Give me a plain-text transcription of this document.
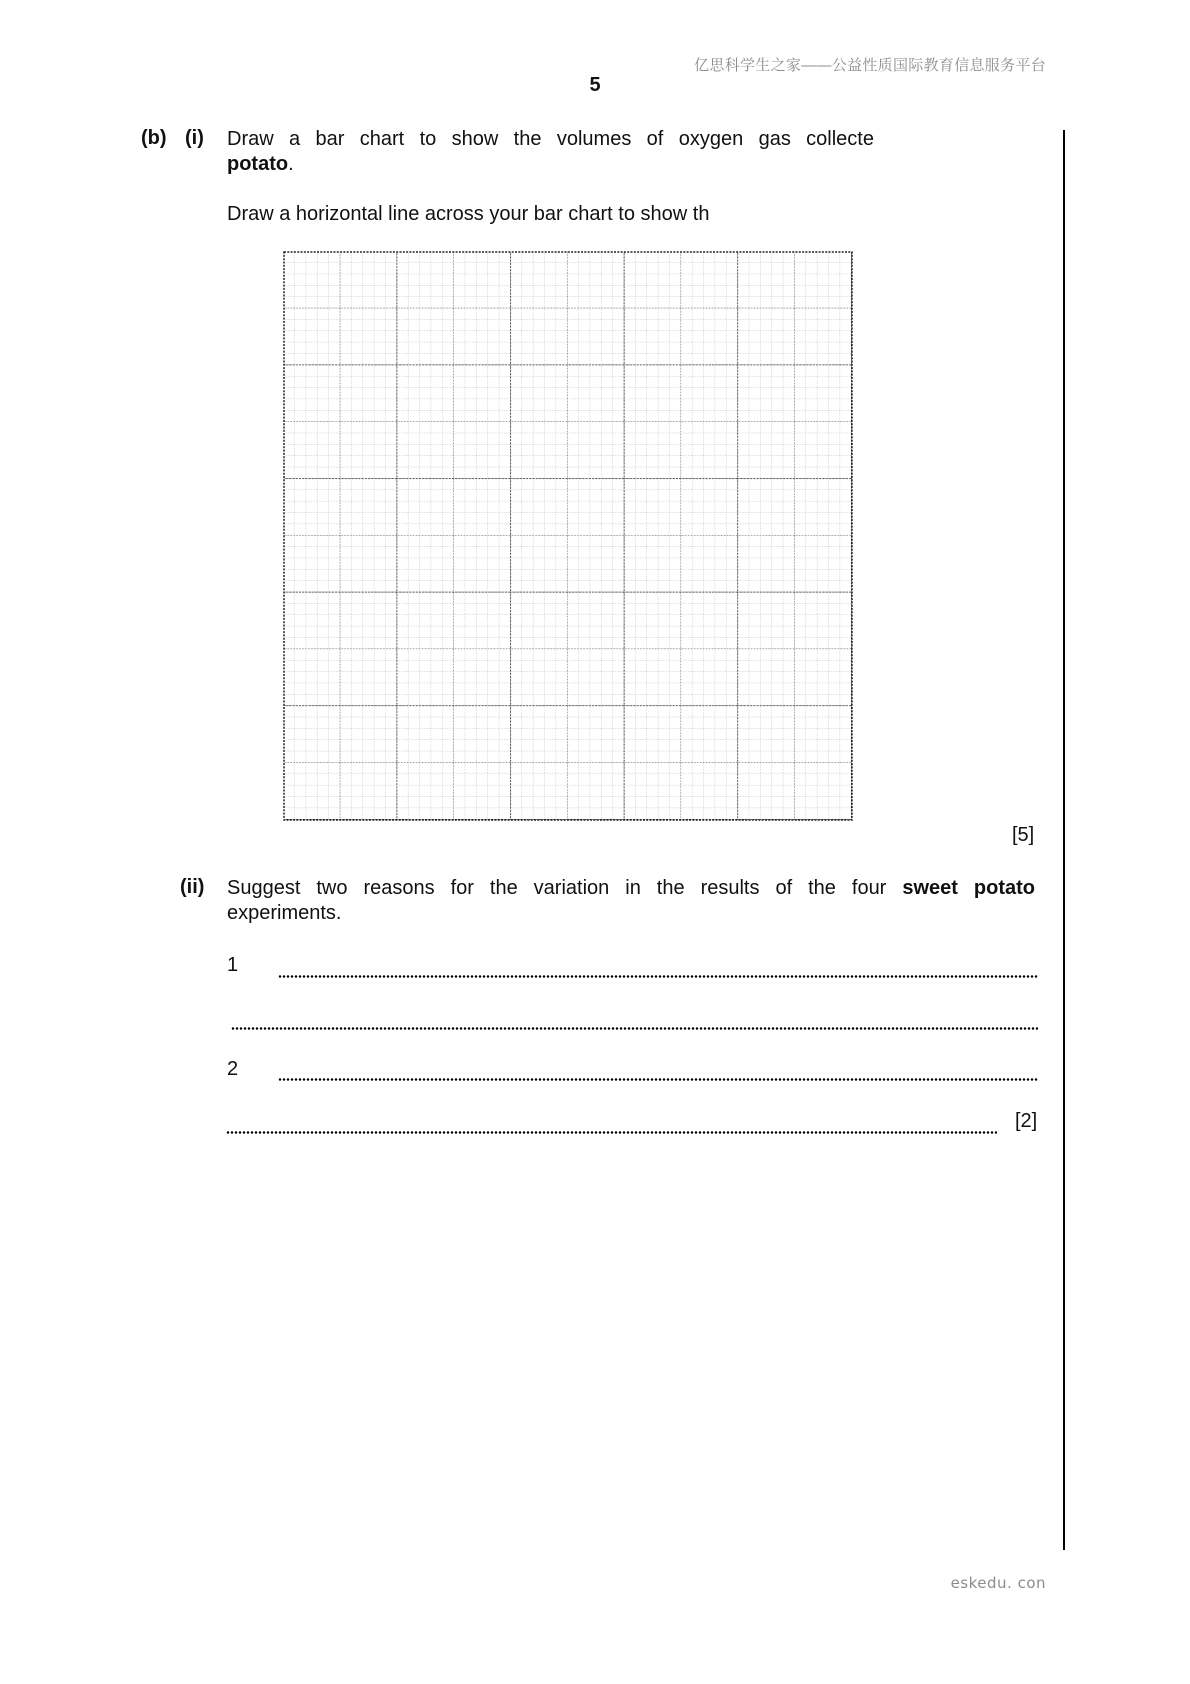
亿思科学生之家——公益性质国际教育信息服务平台
5
(b) (i) Draw a bar chart to show the volumes of oxygen gas collecte
potato.
Draw a horizontal line across your bar chart to show th
[5]
(ii) Suggest two reasons for the variation in the results of the four sweet potato
experiments.
1
2
[2]
eskedu. con
